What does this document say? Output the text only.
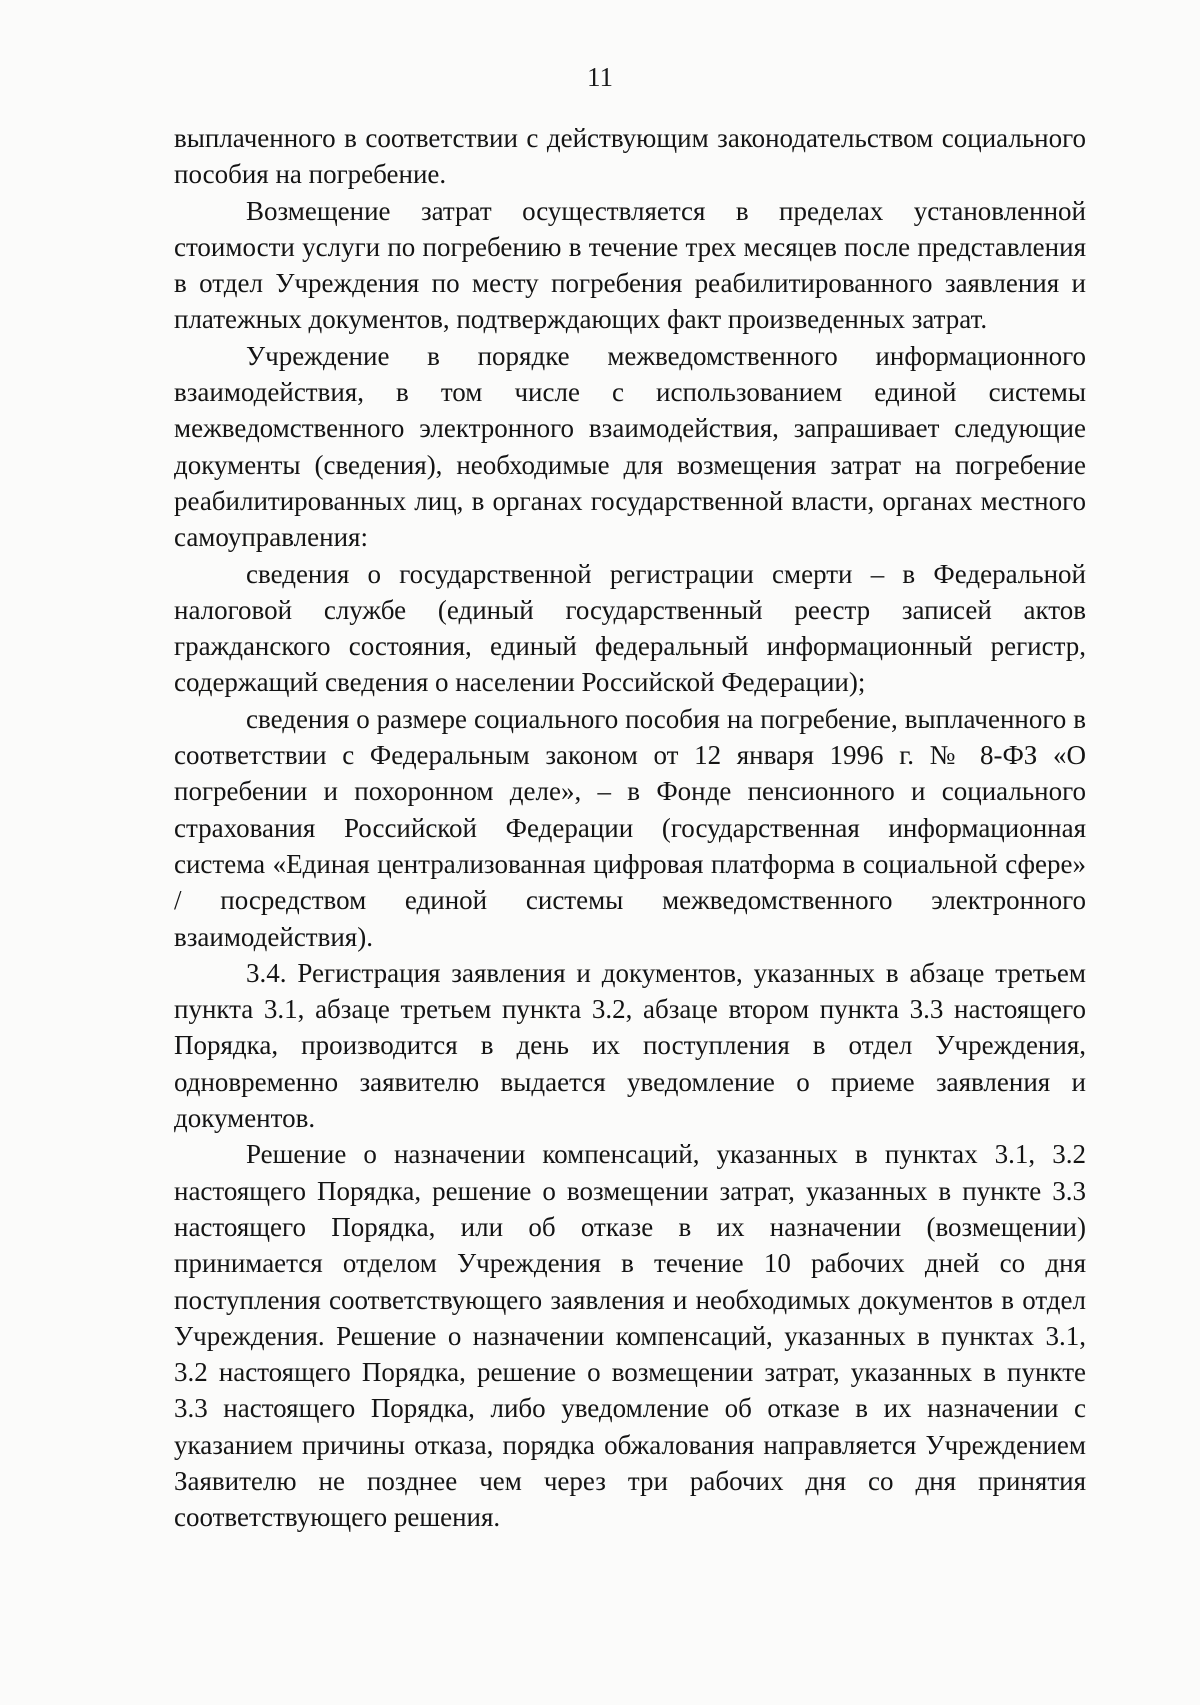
11

выплаченного в соответствии с действующим законодательством социального пособия на погребение.

Возмещение затрат осуществляется в пределах установленной стоимости услуги по погребению в течение трех месяцев после представления в отдел Учреждения по месту погребения реабилитированного заявления и платежных документов, подтверждающих факт произведенных затрат.

Учреждение в порядке межведомственного информационного взаимодействия, в том числе с использованием единой системы межведомственного электронного взаимодействия, запрашивает следующие документы (сведения), необходимые для возмещения затрат на погребение реабилитированных лиц, в органах государственной власти, органах местного самоуправления:

сведения о государственной регистрации смерти – в Федеральной налоговой службе (единый государственный реестр записей актов гражданского состояния, единый федеральный информационный регистр, содержащий сведения о населении Российской Федерации);

сведения о размере социального пособия на погребение, выплаченного в соответствии с Федеральным законом от 12 января 1996 г. № 8-ФЗ «О погребении и похоронном деле», – в Фонде пенсионного и социального страхования Российской Федерации (государственная информационная система «Единая централизованная цифровая платформа в социальной сфере» / посредством единой системы межведомственного электронного взаимодействия).

3.4. Регистрация заявления и документов, указанных в абзаце третьем пункта 3.1, абзаце третьем пункта 3.2, абзаце втором пункта 3.3 настоящего Порядка, производится в день их поступления в отдел Учреждения, одновременно заявителю выдается уведомление о приеме заявления и документов.

Решение о назначении компенсаций, указанных в пунктах 3.1, 3.2 настоящего Порядка, решение о возмещении затрат, указанных в пункте 3.3 настоящего Порядка, или об отказе в их назначении (возмещении) принимается отделом Учреждения в течение 10 рабочих дней со дня поступления соответствующего заявления и необходимых документов в отдел Учреждения. Решение о назначении компенсаций, указанных в пунктах 3.1, 3.2 настоящего Порядка, решение о возмещении затрат, указанных в пункте 3.3 настоящего Порядка, либо уведомление об отказе в их назначении с указанием причины отказа, порядка обжалования направляется Учреждением Заявителю не позднее чем через три рабочих дня со дня принятия соответствующего решения.
